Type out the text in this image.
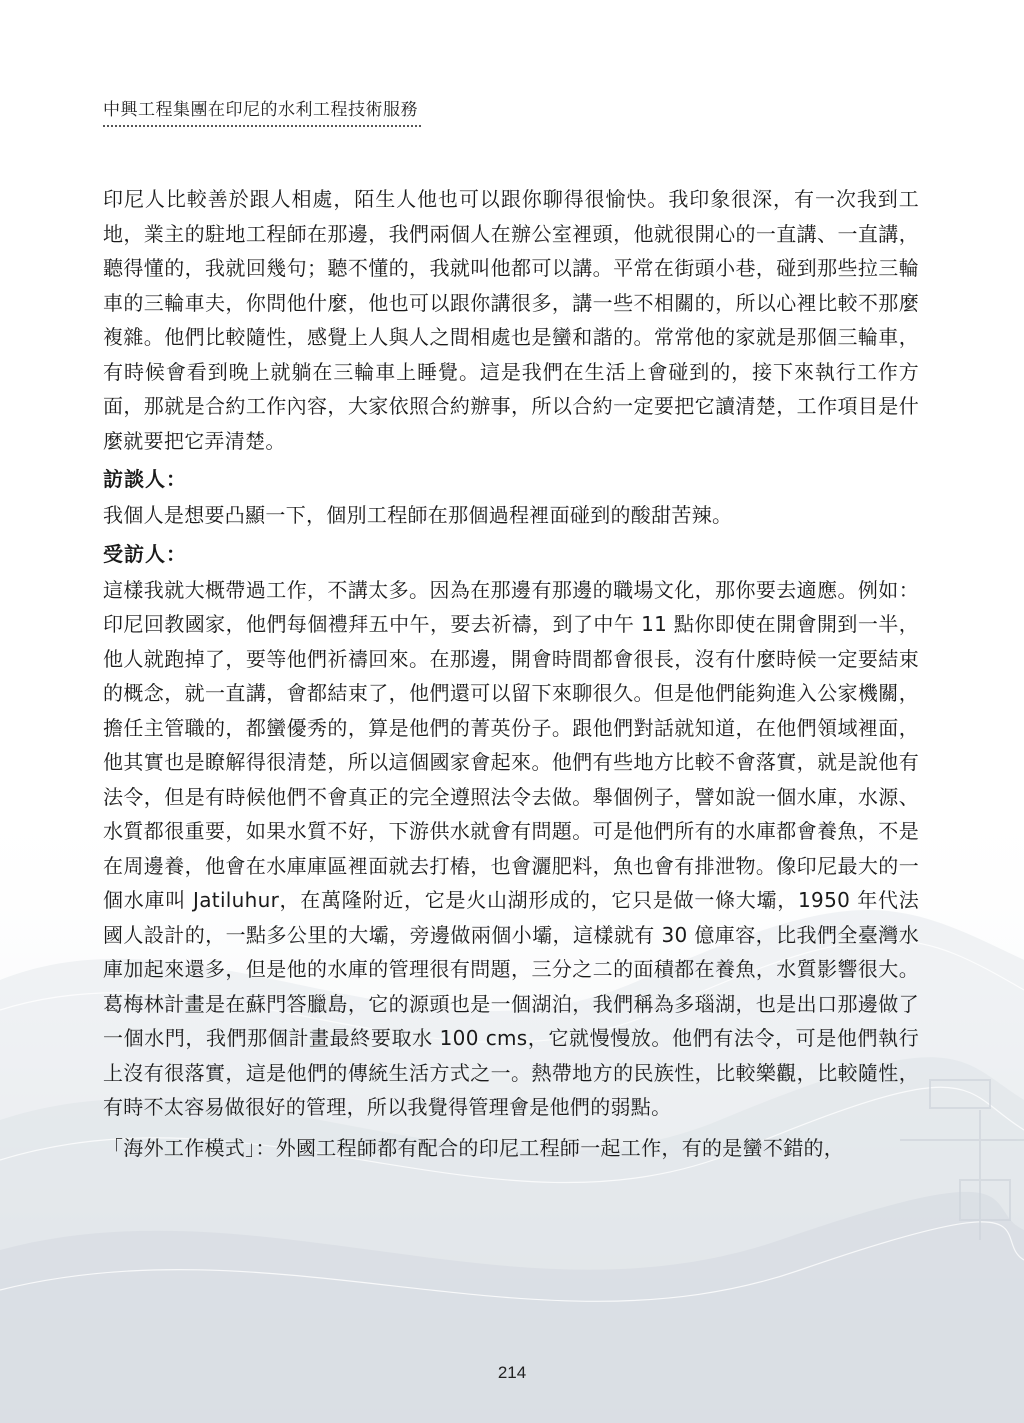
中興工程集團在印尼的水利工程技術服務

印尼人比較善於跟人相處，陌生人他也可以跟你聊得很愉快。我印象很深，有一次我到工地，業主的駐地工程師在那邊，我們兩個人在辦公室裡頭，他就很開心的一直講、一直講，聽得懂的，我就回幾句；聽不懂的，我就叫他都可以講。平常在街頭小巷，碰到那些拉三輪車的三輪車夫，你問他什麼，他也可以跟你講很多，講一些不相關的，所以心裡比較不那麼複雜。他們比較隨性，感覺上人與人之間相處也是蠻和諧的。常常他的家就是那個三輪車，有時候會看到晚上就躺在三輪車上睡覺。這是我們在生活上會碰到的，接下來執行工作方面，那就是合約工作內容，大家依照合約辦事，所以合約一定要把它讀清楚，工作項目是什麼就要把它弄清楚。

訪談人：

我個人是想要凸顯一下，個別工程師在那個過程裡面碰到的酸甜苦辣。

受訪人：

這樣我就大概帶過工作，不講太多。因為在那邊有那邊的職場文化，那你要去適應。例如：印尼回教國家，他們每個禮拜五中午，要去祈禱，到了中午 11 點你即使在開會開到一半，他人就跑掉了，要等他們祈禱回來。在那邊，開會時間都會很長，沒有什麼時候一定要結束的概念，就一直講，會都結束了，他們還可以留下來聊很久。但是他們能夠進入公家機關，擔任主管職的，都蠻優秀的，算是他們的菁英份子。跟他們對話就知道，在他們領域裡面，他其實也是瞭解得很清楚，所以這個國家會起來。他們有些地方比較不會落實，就是說他有法令，但是有時候他們不會真正的完全遵照法令去做。舉個例子，譬如說一個水庫，水源、水質都很重要，如果水質不好，下游供水就會有問題。可是他們所有的水庫都會養魚，不是在周邊養，他會在水庫庫區裡面就去打樁，也會灑肥料，魚也會有排泄物。像印尼最大的一個水庫叫 Jatiluhur，在萬隆附近，它是火山湖形成的，它只是做一條大壩，1950 年代法國人設計的，一點多公里的大壩，旁邊做兩個小壩，這樣就有 30 億庫容，比我們全臺灣水庫加起來還多，但是他的水庫的管理很有問題，三分之二的面積都在養魚，水質影響很大。葛梅林計畫是在蘇門答臘島，它的源頭也是一個湖泊，我們稱為多瑙湖，也是出口那邊做了一個水門，我們那個計畫最終要取水 100 cms，它就慢慢放。他們有法令，可是他們執行上沒有很落實，這是他們的傳統生活方式之一。熱帶地方的民族性，比較樂觀，比較隨性，有時不太容易做很好的管理，所以我覺得管理會是他們的弱點。

「海外工作模式」：外國工程師都有配合的印尼工程師一起工作，有的是蠻不錯的，

214
